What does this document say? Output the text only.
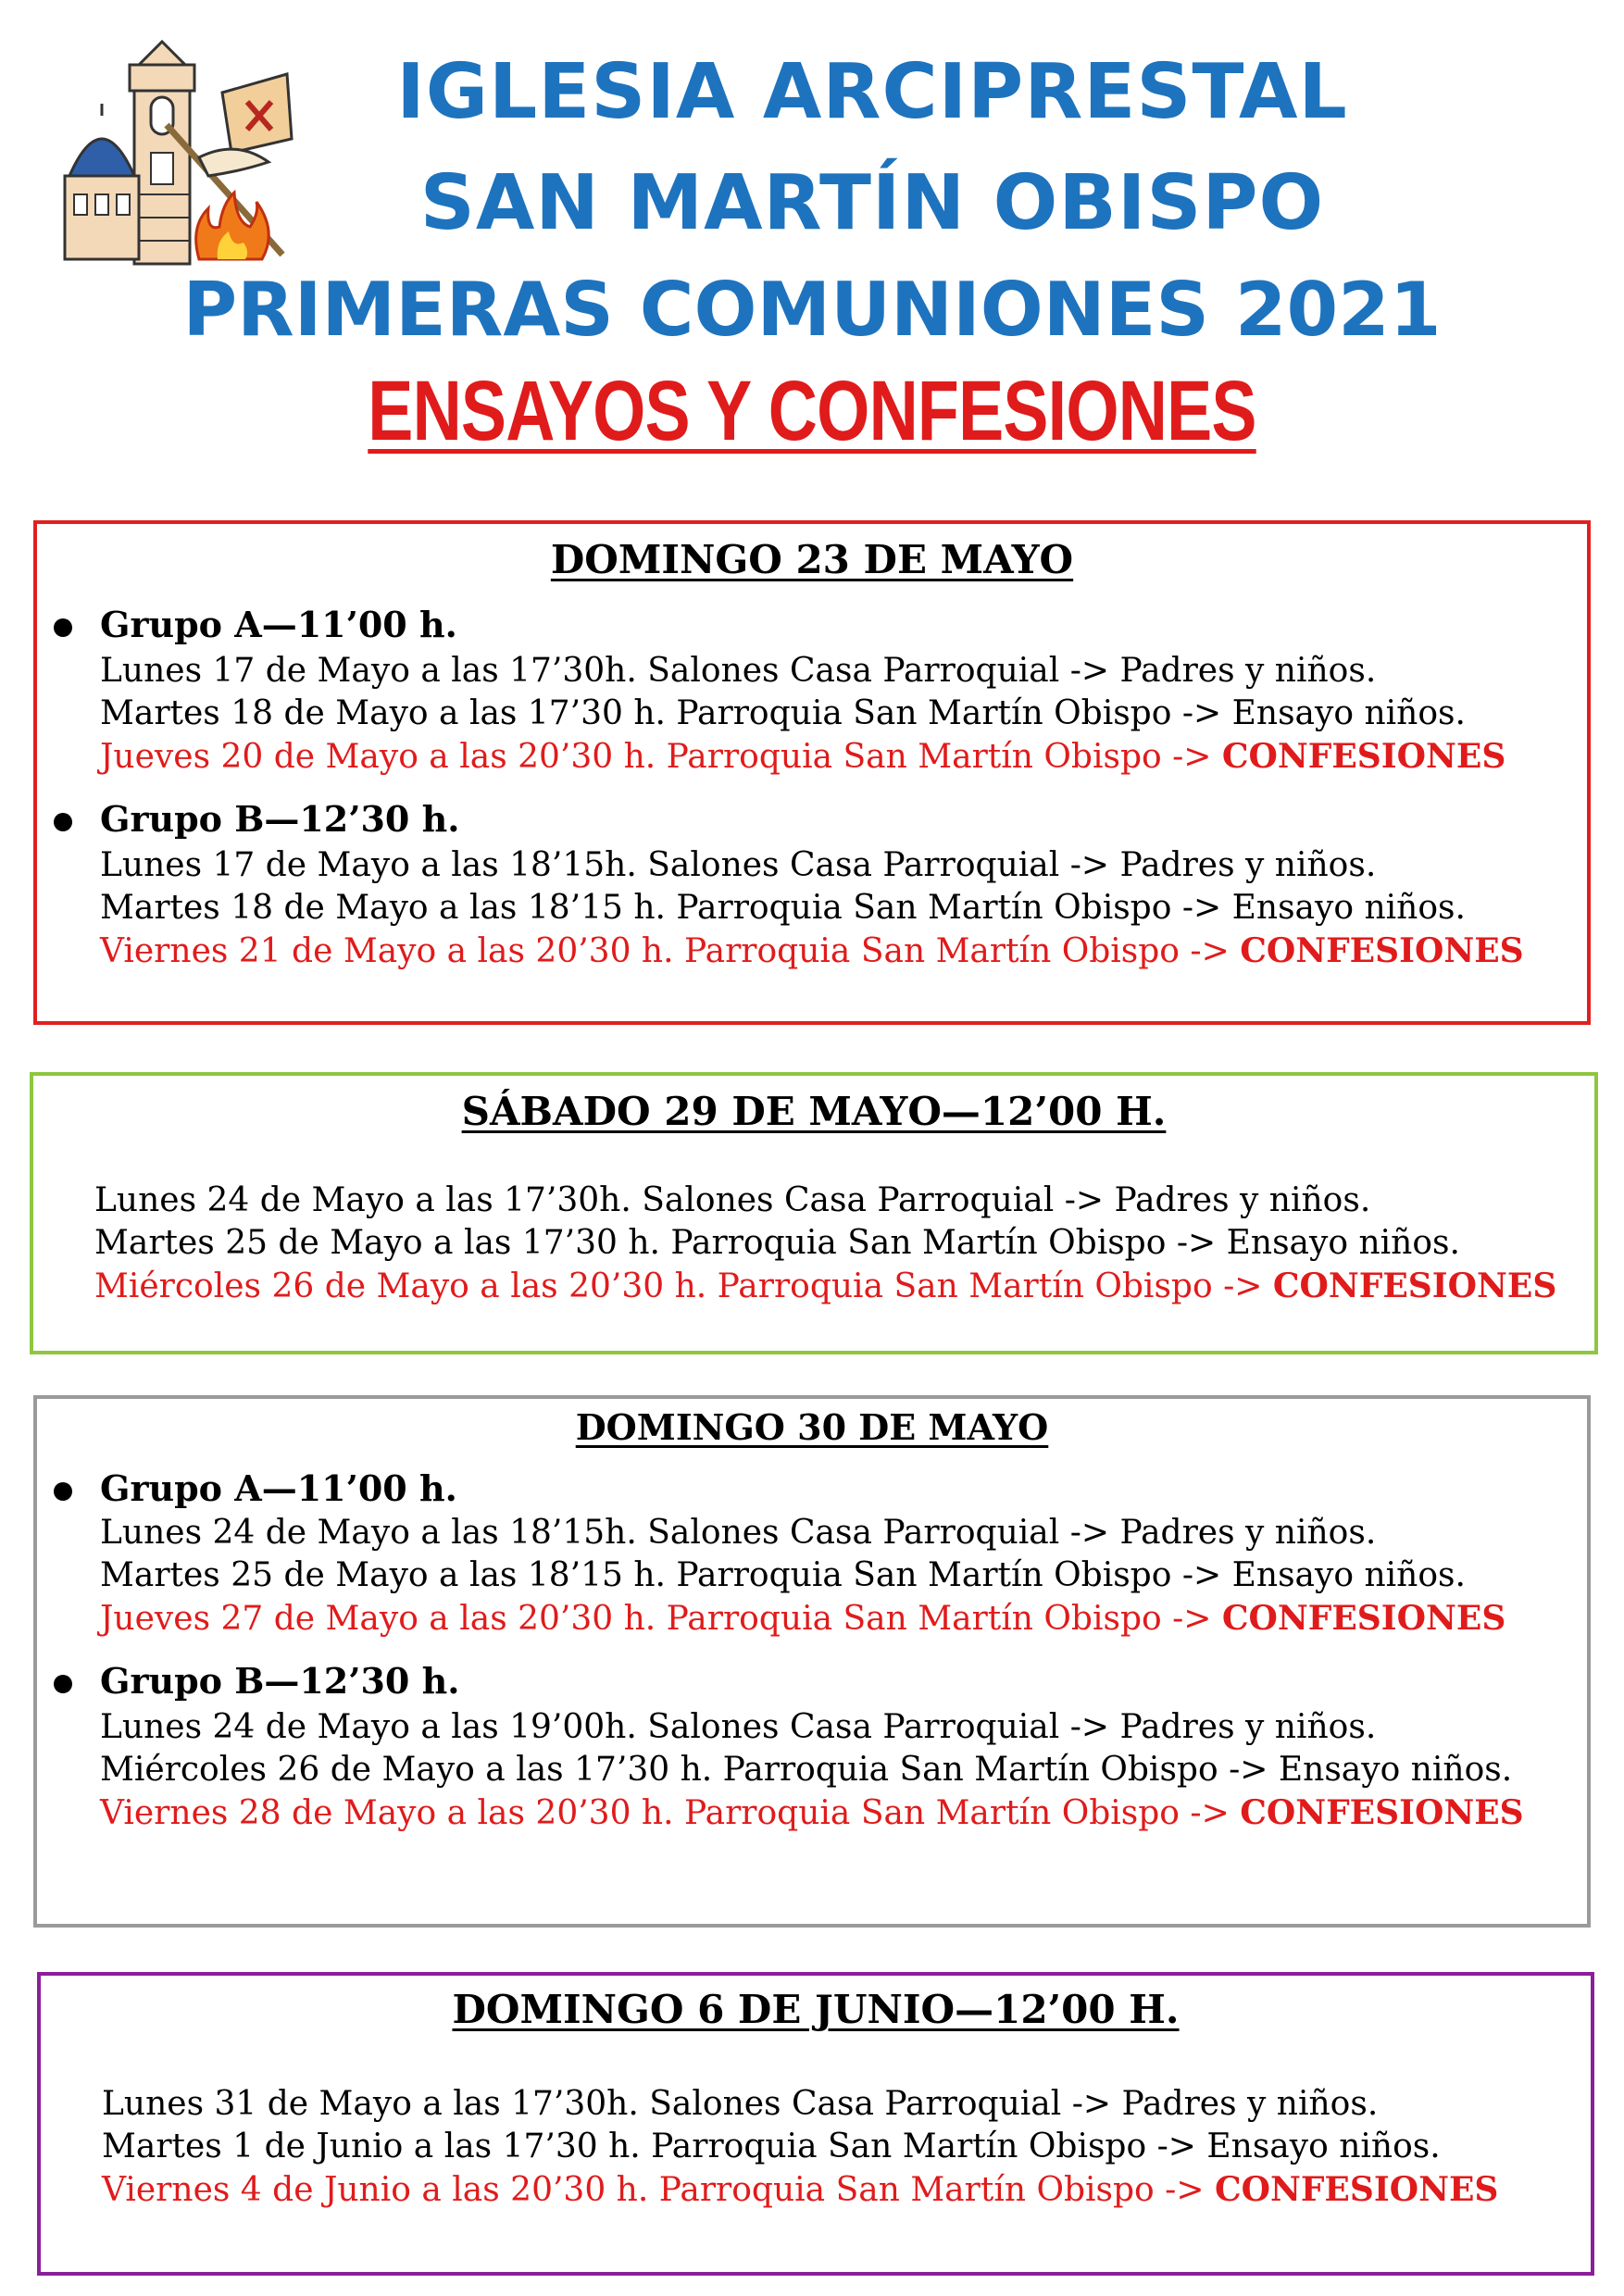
IGLESIA ARCIPRESTAL
SAN MARTÍN OBISPO
PRIMERAS COMUNIONES 2021
ENSAYOS Y CONFESIONES
DOMINGO 23 DE MAYO
Grupo A—11’00 h.
Lunes 17 de Mayo a las 17’30h. Salones Casa Parroquial -> Padres y niños.
Martes 18 de Mayo a las 17’30 h. Parroquia San Martín Obispo -> Ensayo niños.
Jueves 20 de Mayo a las 20’30 h. Parroquia San Martín Obispo -> CONFESIONES
Grupo B—12’30 h.
Lunes 17 de Mayo a las 18’15h. Salones Casa Parroquial -> Padres y niños.
Martes 18 de Mayo a las 18’15 h. Parroquia San Martín Obispo -> Ensayo niños.
Viernes 21 de Mayo a las 20’30 h. Parroquia San Martín Obispo -> CONFESIONES
SÁBADO 29 DE MAYO—12’00 H.
Lunes 24 de Mayo a las 17’30h. Salones Casa Parroquial -> Padres y niños.
Martes 25 de Mayo a las 17’30 h. Parroquia San Martín Obispo -> Ensayo niños.
Miércoles 26 de Mayo a las 20’30 h. Parroquia San Martín Obispo -> CONFESIONES
DOMINGO 30 DE MAYO
Grupo A—11’00 h.
Lunes 24 de Mayo a las 18’15h. Salones Casa Parroquial -> Padres y niños.
Martes 25 de Mayo a las 18’15 h. Parroquia San Martín Obispo -> Ensayo niños.
Jueves 27 de Mayo a las 20’30 h. Parroquia San Martín Obispo -> CONFESIONES
Grupo B—12’30 h.
Lunes 24 de Mayo a las 19’00h. Salones Casa Parroquial -> Padres y niños.
Miércoles 26 de Mayo a las 17’30 h. Parroquia San Martín Obispo -> Ensayo niños.
Viernes 28 de Mayo a las 20’30 h. Parroquia San Martín Obispo -> CONFESIONES
DOMINGO 6 DE JUNIO—12’00 H.
Lunes 31 de Mayo a las 17’30h. Salones Casa Parroquial -> Padres y niños.
Martes 1 de Junio a las 17’30 h. Parroquia San Martín Obispo -> Ensayo niños.
Viernes 4 de Junio a las 20’30 h. Parroquia San Martín Obispo -> CONFESIONES
